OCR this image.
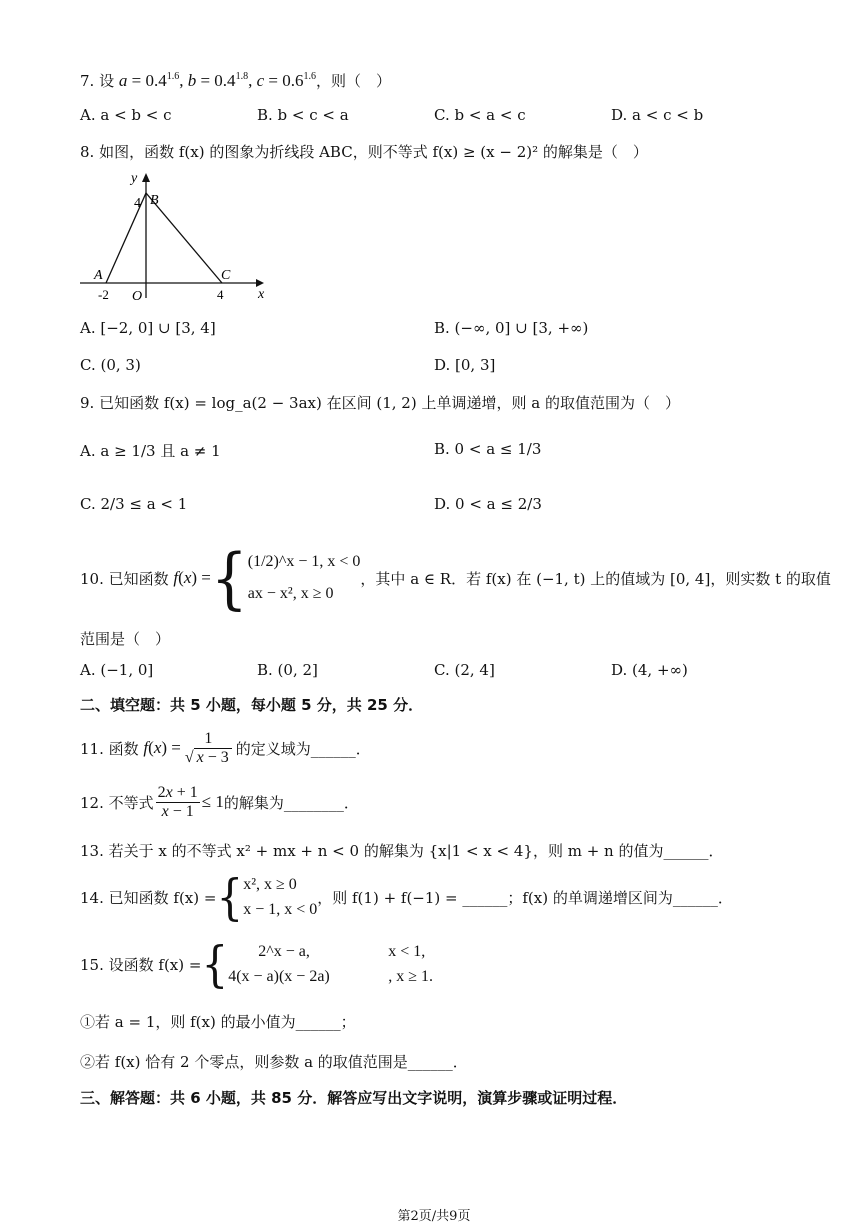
7. 设 $a = 0.4^{1.6}$, $b = 0.4^{1.8}$, $c = 0.6^{1.6}$，则（　）
A. a < b < c	B. b < c < a	C. b < a < c	D. a < c < b
8. 如图，函数 f(x) 的图象为折线段 ABC，则不等式 f(x) ≥ (x − 2)² 的解集是（　）
y
x
4 B
A	C
-2 O	4
A. [−2, 0] ∪ [3, 4]	B. (−∞, 0] ∪ [3, +∞)
C. (0, 3)	D. [0, 3]
9. 已知函数 f(x) = log_a(2 − 3ax) 在区间 (1, 2) 上单调递增，则 a 的取值范围为（　）
A. a ≥ 1/3 且 a ≠ 1	B. 0 < a ≤ 1/3
C. 2/3 ≤ a < 1	D. 0 < a ≤ 2/3
10. 已知函数
f(x) = { (1/2)^x − 1, x < 0
ax − x², x ≥ 0
，其中 a ∈ R．若 f(x) 在 (−1, t) 上的值域为 [0, 4]，则实数 t 的取值
范围是（　）
A. (−1, 0]	B. (0, 2]	C. (2, 4]	D. (4, +∞)
二、填空题：共 5 小题，每小题 5 分，共 25 分．
11. 函数
$f(x) = \frac{1}{√ x - 3}$ 的定义域为______．
12. 不等式 $\frac{2x + 1}{x - 1} \le 1$ 的解集为________．
13. 若关于 x 的不等式 x² + mx + n < 0 的解集为 {x|1 < x < 4}，则 m + n 的值为______．
14. 已知函数 f(x) = { x², x ≥ 0
x − 1, x < 0
，则 f(1) + f(−1) = ______；f(x) 的单调递增区间为______．
15. 设函数 f(x) = {	2^x − a,	x < 1,
4(x − a)(x − 2a)	, x ≥ 1.
①若 a = 1，则 f(x) 的最小值为______；
②若 f(x) 恰有 2 个零点，则参数 a 的取值范围是______．
三、解答题：共 6 小题，共 85 分．解答应写出文字说明，演算步骤或证明过程．
第2页/共9页
